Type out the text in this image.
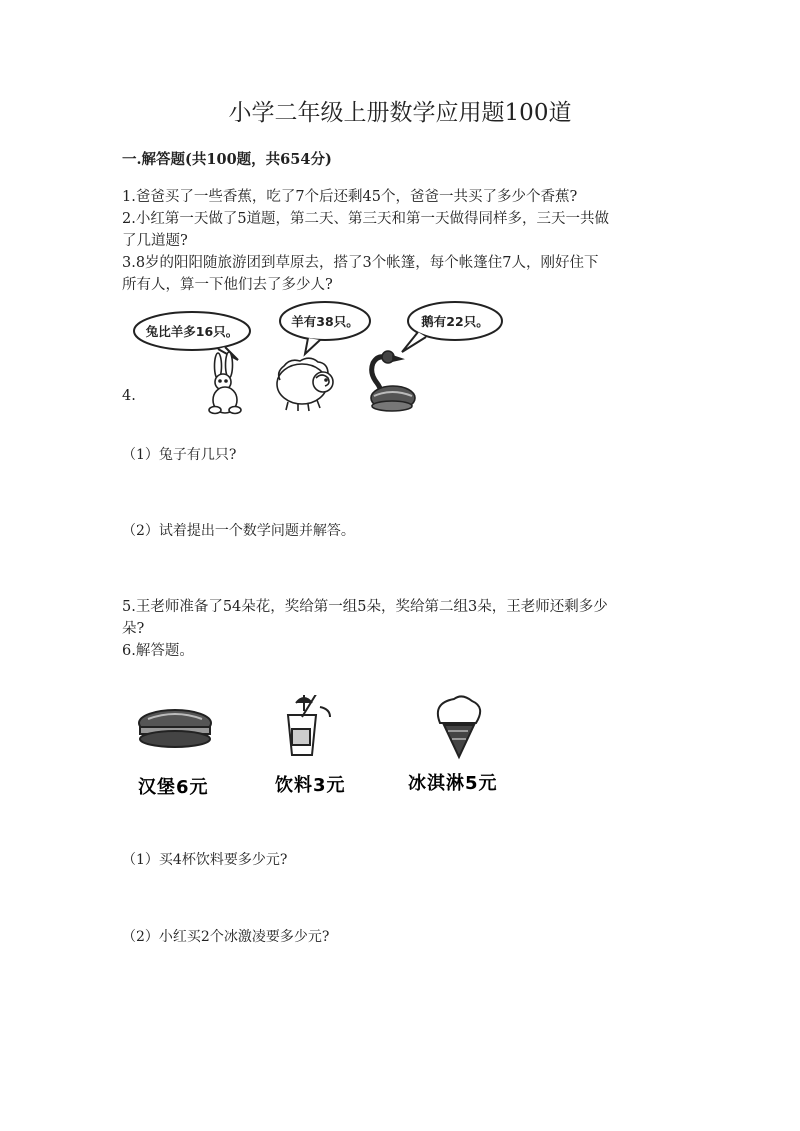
小学二年级上册数学应用题100道
一.解答题(共100题，共654分)
1.爸爸买了一些香蕉，吃了7个后还剩45个，爸爸一共买了多少个香蕉?
2.小红第一天做了5道题，第二天、第三天和第一天做得同样多，三天一共做
了几道题?
3.8岁的阳阳随旅游团到草原去，搭了3个帐篷，每个帐篷住7人，刚好住下
所有人，算一下他们去了多少人?
兔比羊多16只。
羊有38只。	鹅有22只。
4.
（1）兔子有几只?
（2）试着提出一个数学问题并解答。
5.王老师准备了54朵花，奖给第一组5朵，奖给第二组3朵，王老师还剩多少
朵?
6.解答题。
汉堡6元	饮料3元	冰淇淋5元
（1）买4杯饮料要多少元?
（2）小红买2个冰激凌要多少元?
